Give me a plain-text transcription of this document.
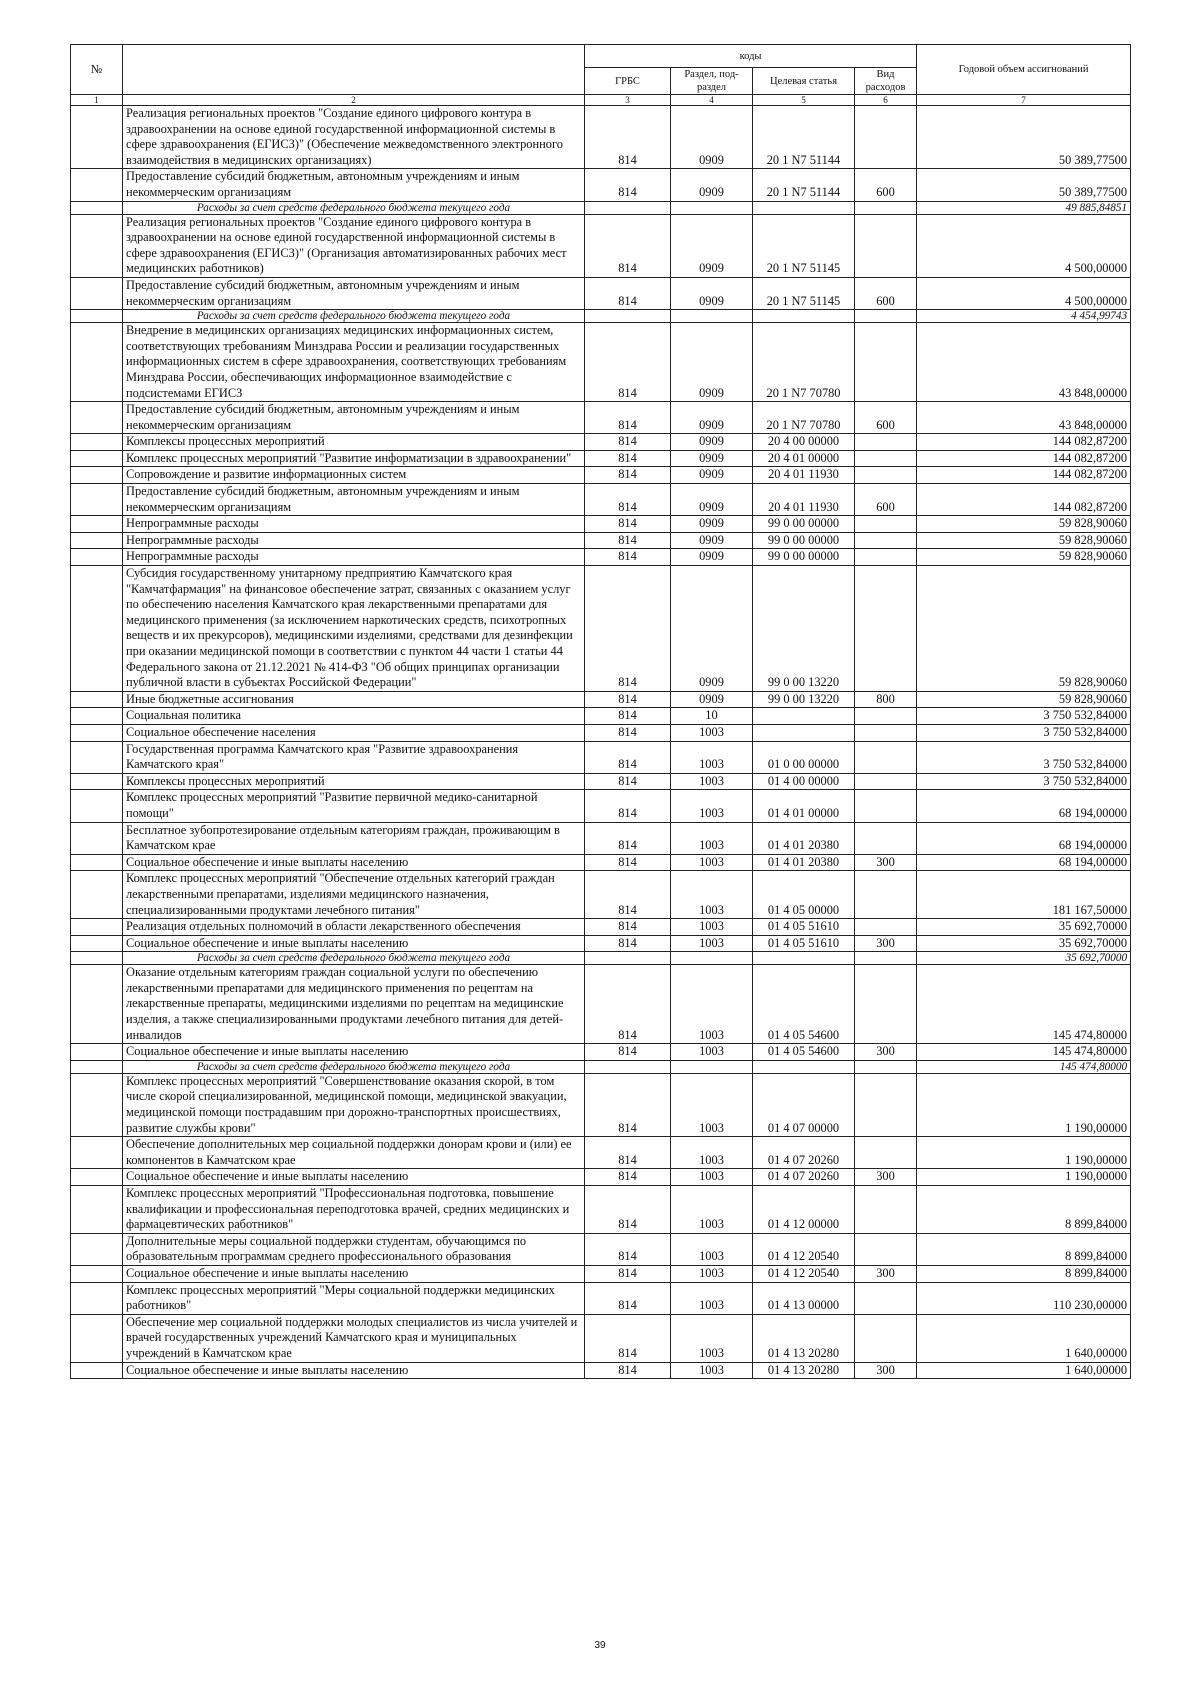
№		коды				Годовой объем ассигнований
		ГРБС	Раздел, под-раздел	Целевая статья	Вид расходов	
1	2	3	4	5	6	7
	Реализация региональных проектов "Создание единого цифрового контура в здравоохранении на основе единой государственной информационной системы в сфере здравоохранения (ЕГИСЗ)" (Обеспечение межведомственного электронного взаимодействия в медицинских организациях)	814	0909	20 1 N7 51144		50 389,77500
	Предоставление субсидий бюджетным, автономным учреждениям и иным некоммерческим организациям	814	0909	20 1 N7 51144	600	50 389,77500
	Расходы за счет средств федерального бюджета текущего года					49 885,84851
	Реализация региональных проектов "Создание единого цифрового контура в здравоохранении на основе единой государственной информационной системы в сфере здравоохранения (ЕГИСЗ)" (Организация автоматизированных рабочих мест медицинских работников)	814	0909	20 1 N7 51145		4 500,00000
	Предоставление субсидий бюджетным, автономным учреждениям и иным некоммерческим организациям	814	0909	20 1 N7 51145	600	4 500,00000
	Расходы за счет средств федерального бюджета текущего года					4 454,99743
	Внедрение в медицинских организациях медицинских информационных систем, соответствующих требованиям Минздрава России и реализации государственных информационных систем в сфере здравоохранения, соответствующих требованиям Минздрава России, обеспечивающих информационное взаимодействие с подсистемами ЕГИСЗ	814	0909	20 1 N7 70780		43 848,00000
	Предоставление субсидий бюджетным, автономным учреждениям и иным некоммерческим организациям	814	0909	20 1 N7 70780	600	43 848,00000
	Комплексы процессных мероприятий	814	0909	20 4 00 00000		144 082,87200
	Комплекс процессных мероприятий "Развитие информатизации в здравоохранении"	814	0909	20 4 01 00000		144 082,87200
	Сопровождение и развитие информационных систем	814	0909	20 4 01 11930		144 082,87200
	Предоставление субсидий бюджетным, автономным учреждениям и иным некоммерческим организациям	814	0909	20 4 01 11930	600	144 082,87200
	Непрограммные расходы	814	0909	99 0 00 00000		59 828,90060
	Непрограммные расходы	814	0909	99 0 00 00000		59 828,90060
	Непрограммные расходы	814	0909	99 0 00 00000		59 828,90060
	Субсидия государственному унитарному предприятию Камчатского края "Камчатфармация" на финансовое обеспечение затрат, связанных с оказанием услуг по обеспечению населения Камчатского края лекарственными препаратами для медицинского применения (за исключением наркотических средств, психотропных веществ и их прекурсоров), медицинскими изделиями, средствами для дезинфекции при оказании медицинской помощи в соответствии с пунктом 44 части 1 статьи 44 Федерального закона от 21.12.2021 № 414-ФЗ "Об общих принципах организации публичной власти в субъектах Российской Федерации"	814	0909	99 0 00 13220		59 828,90060
	Иные бюджетные ассигнования	814	0909	99 0 00 13220	800	59 828,90060
	Социальная политика	814	10			3 750 532,84000
	Социальное обеспечение населения	814	1003			3 750 532,84000
	Государственная программа Камчатского края "Развитие здравоохранения Камчатского края"	814	1003	01 0 00 00000		3 750 532,84000
	Комплексы процессных мероприятий	814	1003	01 4 00 00000		3 750 532,84000
	Комплекс процессных мероприятий "Развитие первичной медико-санитарной помощи"	814	1003	01 4 01 00000		68 194,00000
	Бесплатное зубопротезирование отдельным категориям граждан, проживающим в Камчатском крае	814	1003	01 4 01 20380		68 194,00000
	Социальное обеспечение и иные выплаты населению	814	1003	01 4 01 20380	300	68 194,00000
	Комплекс процессных мероприятий "Обеспечение отдельных категорий граждан лекарственными препаратами, изделиями медицинского назначения, специализированными продуктами лечебного питания"	814	1003	01 4 05 00000		181 167,50000
	Реализация отдельных полномочий в области лекарственного обеспечения	814	1003	01 4 05 51610		35 692,70000
	Социальное обеспечение и иные выплаты населению	814	1003	01 4 05 51610	300	35 692,70000
	Расходы за счет средств федерального бюджета текущего года					35 692,70000
	Оказание отдельным категориям граждан социальной услуги по обеспечению лекарственными препаратами для медицинского применения по рецептам на лекарственные препараты, медицинскими изделиями по рецептам на медицинские изделия, а также специализированными продуктами лечебного питания для детей-инвалидов	814	1003	01 4 05 54600		145 474,80000
	Социальное обеспечение и иные выплаты населению	814	1003	01 4 05 54600	300	145 474,80000
	Расходы за счет средств федерального бюджета текущего года					145 474,80000
	Комплекс процессных мероприятий "Совершенствование оказания скорой, в том числе скорой специализированной, медицинской помощи, медицинской эвакуации, медицинской помощи пострадавшим при дорожно-транспортных происшествиях, развитие службы крови"	814	1003	01 4 07 00000		1 190,00000
	Обеспечение дополнительных мер социальной поддержки донорам крови и (или) ее компонентов в Камчатском крае	814	1003	01 4 07 20260		1 190,00000
	Социальное обеспечение и иные выплаты населению	814	1003	01 4 07 20260	300	1 190,00000
	Комплекс процессных мероприятий "Профессиональная подготовка, повышение квалификации и профессиональная переподготовка врачей, средних медицинских и фармацевтических работников"	814	1003	01 4 12 00000		8 899,84000
	Дополнительные меры социальной поддержки студентам, обучающимся по образовательным программам среднего профессионального образования	814	1003	01 4 12 20540		8 899,84000
	Социальное обеспечение и иные выплаты населению	814	1003	01 4 12 20540	300	8 899,84000
	Комплекс процессных мероприятий "Меры социальной поддержки медицинских работников"	814	1003	01 4 13 00000		110 230,00000
	Обеспечение мер социальной поддержки молодых специалистов из числа учителей и врачей государственных учреждений Камчатского края и муниципальных учреждений в Камчатском крае	814	1003	01 4 13 20280		1 640,00000
	Социальное обеспечение и иные выплаты населению	814	1003	01 4 13 20280	300	1 640,00000
39
